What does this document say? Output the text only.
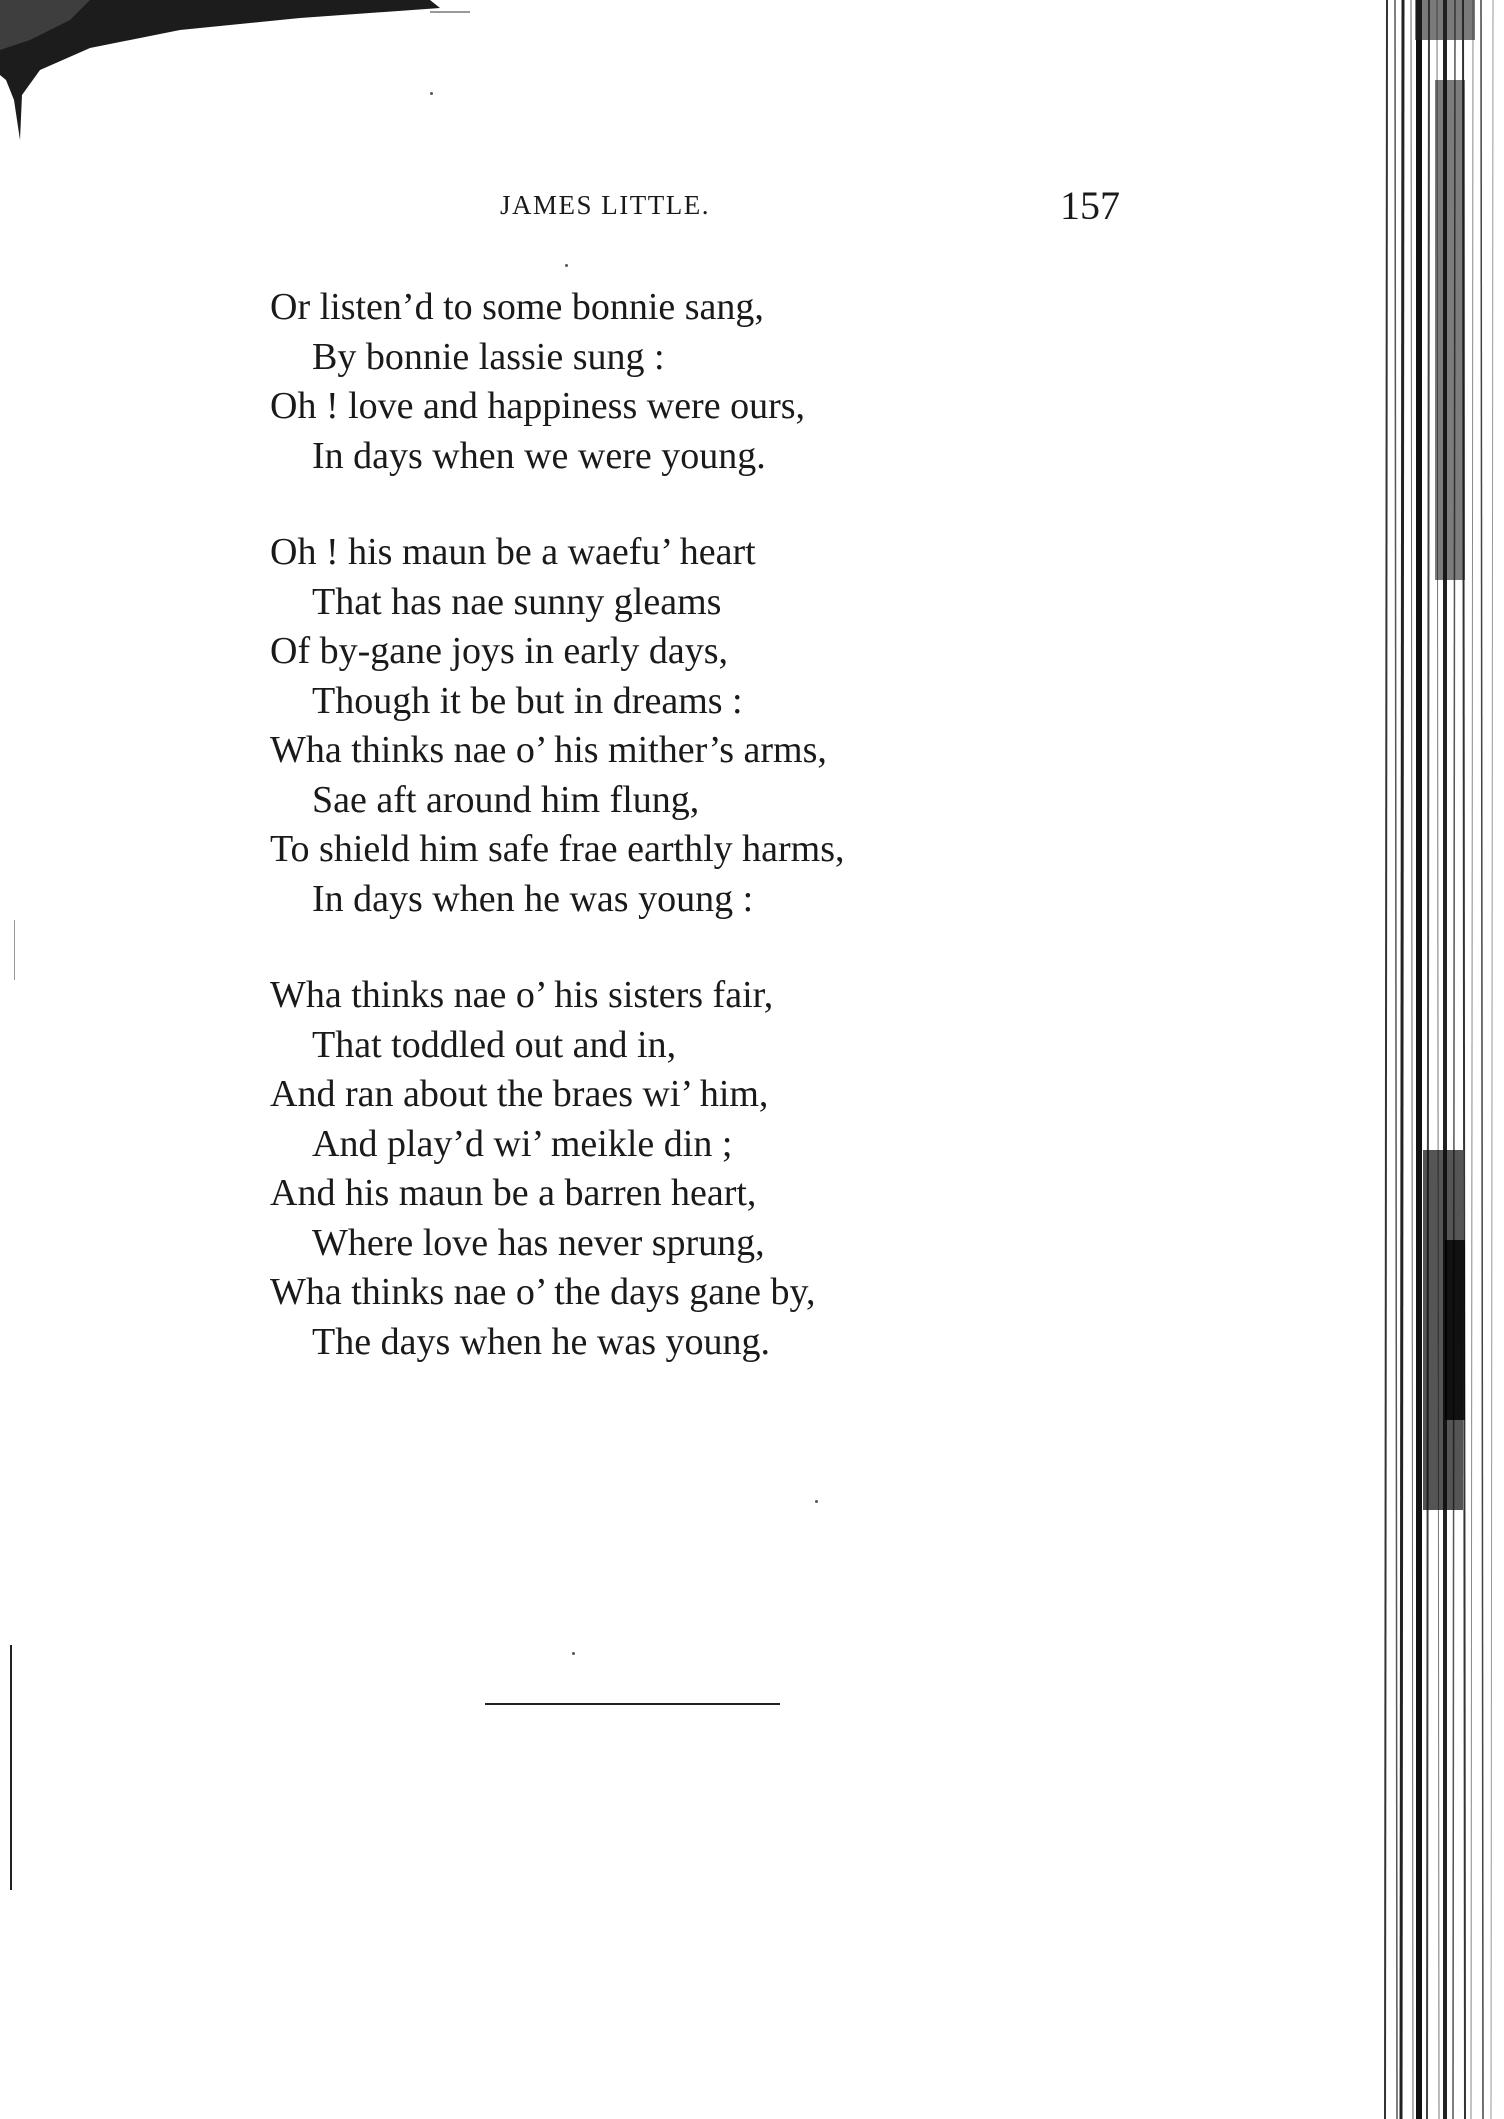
JAMES LITTLE.	157
Or listen’d to some bonnie sang,
By bonnie lassie sung :
Oh ! love and happiness were ours,
In days when we were young.
Oh ! his maun be a waefu’ heart
That has nae sunny gleams
Of by-gane joys in early days,
Though it be but in dreams :
Wha thinks nae o’ his mither’s arms,
Sae aft around him flung,
To shield him safe frae earthly harms,
In days when he was young :
Wha thinks nae o’ his sisters fair,
That toddled out and in,
And ran about the braes wi’ him,
And play’d wi’ meikle din ;
And his maun be a barren heart,
Where love has never sprung,
Wha thinks nae o’ the days gane by,
The days when he was young.
